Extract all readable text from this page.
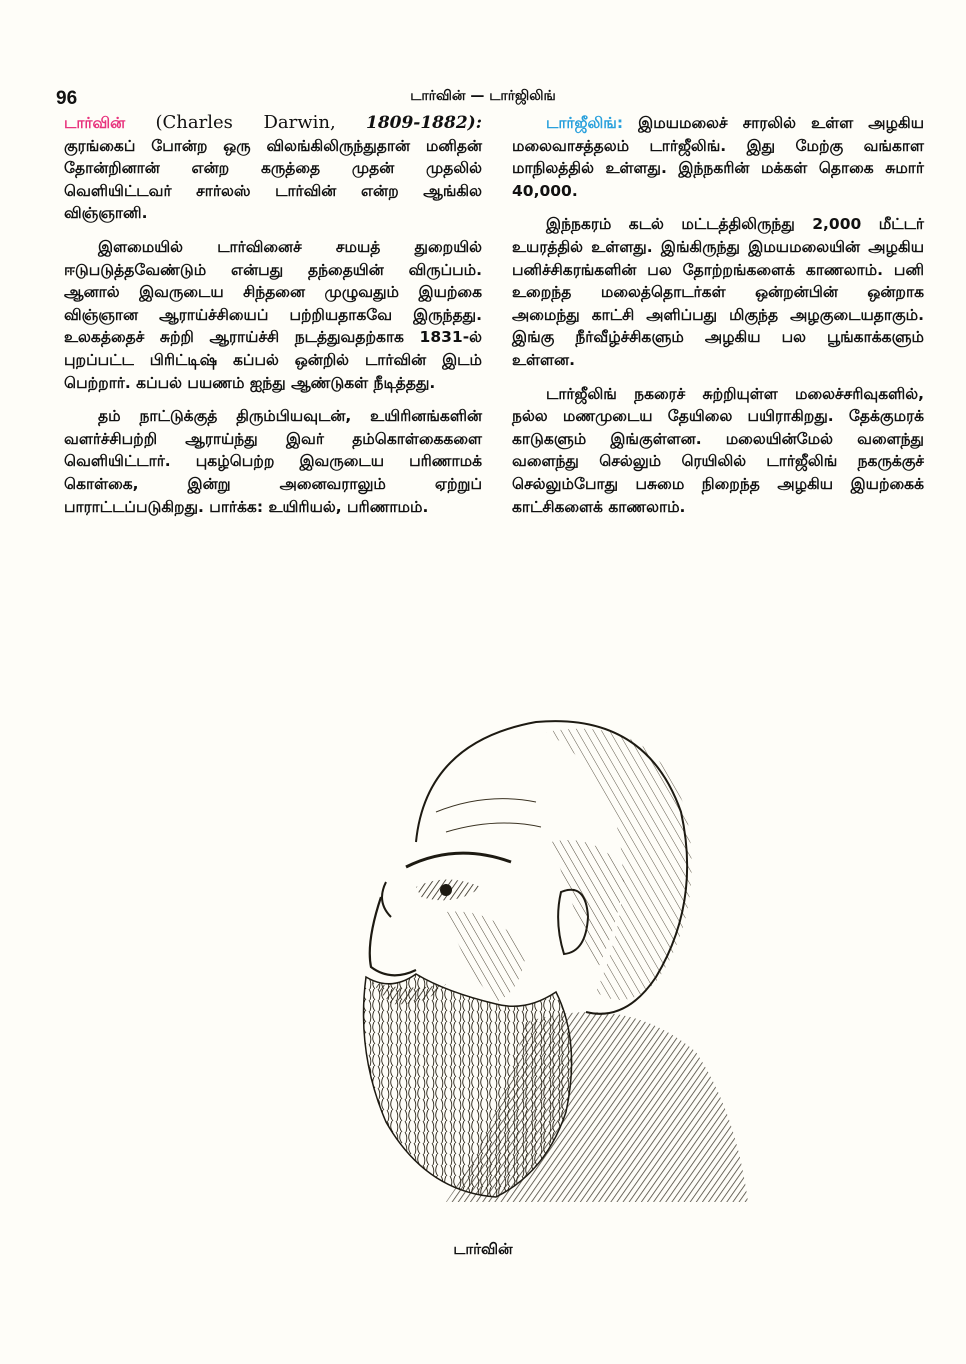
96	டார்வின் — டார்ஜிலிங்

டார்வின் (Charles Darwin, 1809-1882): குரங்கைப் போன்ற ஒரு விலங்கிலிருந்துதான் மனிதன் தோன்றினான் என்ற கருத்தை முதன் முதலில் வெளியிட்டவர் சார்லஸ் டார்வின் என்ற ஆங்கில விஞ்ஞானி.

இளமையில் டார்வினைச் சமயத் துறையில் ஈடுபடுத்தவேண்டும் என்பது தந்தையின் விருப்பம். ஆனால் இவருடைய சிந்தனை முழுவதும் இயற்கை விஞ்ஞான ஆராய்ச்சியைப் பற்றியதாகவே இருந்தது. உலகத்தைச் சுற்றி ஆராய்ச்சி நடத்துவதற்காக 1831-ல் புறப்பட்ட பிரிட்டிஷ் கப்பல் ஒன்றில் டார்வின் இடம் பெற்றார். கப்பல் பயணம் ஐந்து ஆண்டுகள் நீடித்தது.

தம் நாட்டுக்குத் திரும்பியவுடன், உயிரினங்களின் வளர்ச்சிபற்றி ஆராய்ந்து இவர் தம்கொள்கைகளை வெளியிட்டார். புகழ்பெற்ற இவருடைய பரிணாமக் கொள்கை, இன்று அனைவராலும் ஏற்றுப் பாராட்டப்படுகிறது. பார்க்க: உயிரியல், பரிணாமம்.

டார்ஜீலிங்: இமயமலைச் சாரலில் உள்ள அழகிய மலைவாசத்தலம் டார்ஜீலிங். இது மேற்கு வங்காள மாநிலத்தில் உள்ளது. இந்நகரின் மக்கள் தொகை சுமார் 40,000.

இந்நகரம் கடல் மட்டத்திலிருந்து 2,000 மீட்டர் உயரத்தில் உள்ளது. இங்கிருந்து இமயமலையின் அழகிய பனிச்சிகரங்களின் பல தோற்றங்களைக் காணலாம். பனி உறைந்த மலைத்தொடர்கள் ஒன்றன்பின் ஒன்றாக அமைந்து காட்சி அளிப்பது மிகுந்த அழகுடையதாகும். இங்கு நீர்வீழ்ச்சிகளும் அழகிய பல பூங்காக்களும் உள்ளன.

டார்ஜீலிங் நகரைச் சுற்றியுள்ள மலைச்சரிவுகளில், நல்ல மணமுடைய தேயிலை பயிராகிறது. தேக்குமரக் காடுகளும் இங்குள்ளன. மலையின்மேல் வளைந்து வளைந்து செல்லும் ரெயிலில் டார்ஜீலிங் நகருக்குச் செல்லும்போது பசுமை நிறைந்த அழகிய இயற்கைக் காட்சிகளைக் காணலாம்.

டார்வின்
